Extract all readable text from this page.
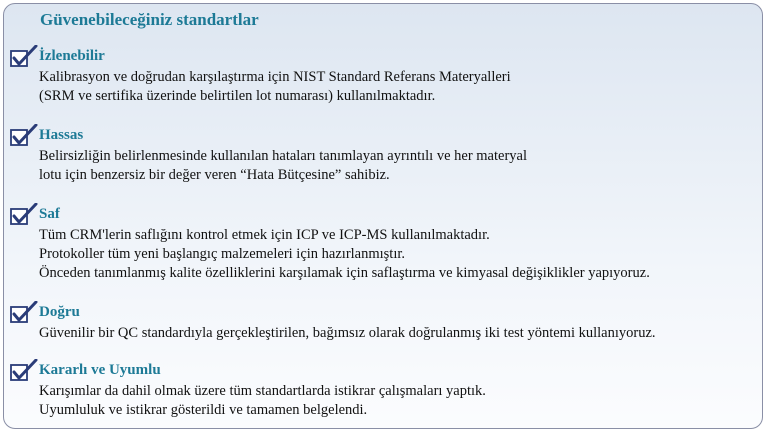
Güvenebileceğiniz standartlar
İzlenebilir
Kalibrasyon ve doğrudan karşılaştırma için NIST Standard Referans Materyalleri
(SRM ve sertifika üzerinde belirtilen lot numarası) kullanılmaktadır.
Hassas
Belirsizliğin belirlenmesinde kullanılan hataları tanımlayan ayrıntılı ve her materyal
lotu için benzersiz bir değer veren “Hata Bütçesine” sahibiz.
Saf
Tüm CRM'lerin saflığını kontrol etmek için ICP ve ICP-MS kullanılmaktadır.
Protokoller tüm yeni başlangıç malzemeleri için hazırlanmıştır.
Önceden tanımlanmış kalite özelliklerini karşılamak için saflaştırma ve kimyasal değişiklikler yapıyoruz.
Doğru
Güvenilir bir QC standardıyla gerçekleştirilen, bağımsız olarak doğrulanmış iki test yöntemi kullanıyoruz.
Kararlı ve Uyumlu
Karışımlar da dahil olmak üzere tüm standartlarda istikrar çalışmaları yaptık.
Uyumluluk ve istikrar gösterildi ve tamamen belgelendi.
